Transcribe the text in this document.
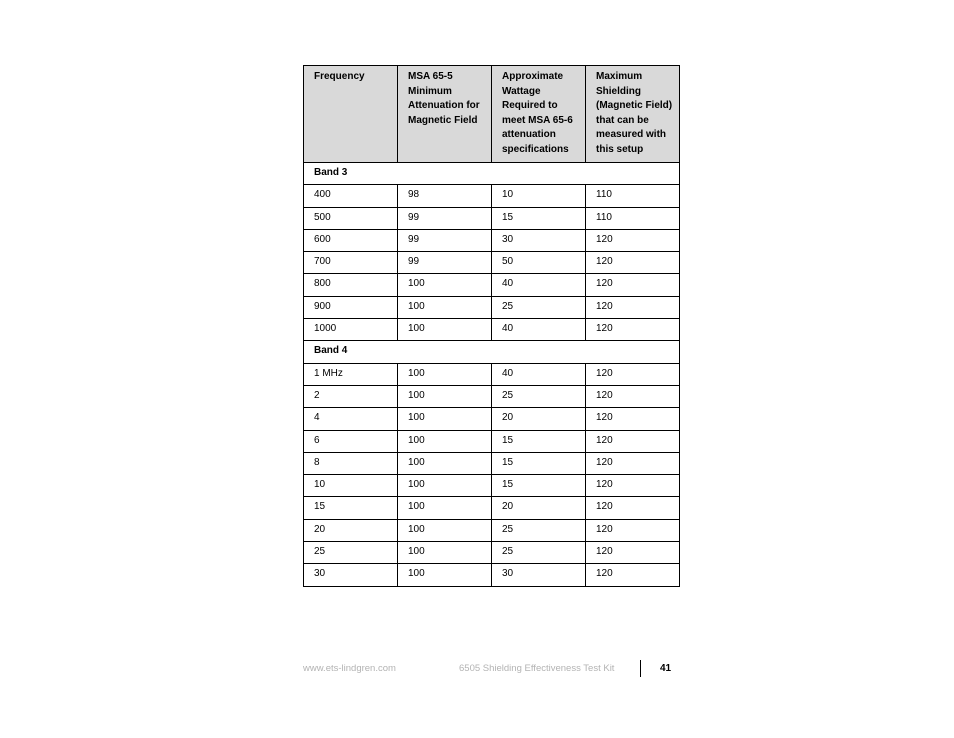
Frequency	MSA 65-5 Minimum Attenuation for Magnetic Field	Approximate Wattage Required to meet MSA 65-6 attenuation specifications	Maximum Shielding (Magnetic Field) that can be measured with this setup
Band 3			
400	98	10	110
500	99	15	110
600	99	30	120
700	99	50	120
800	100	40	120
900	100	25	120
1000	100	40	120
Band 4			
1 MHz	100	40	120
2	100	25	120
4	100	20	120
6	100	15	120
8	100	15	120
10	100	15	120
15	100	20	120
20	100	25	120
25	100	25	120
30	100	30	120
www.ets-lindgren.com	6505 Shielding Effectiveness Test Kit	41
